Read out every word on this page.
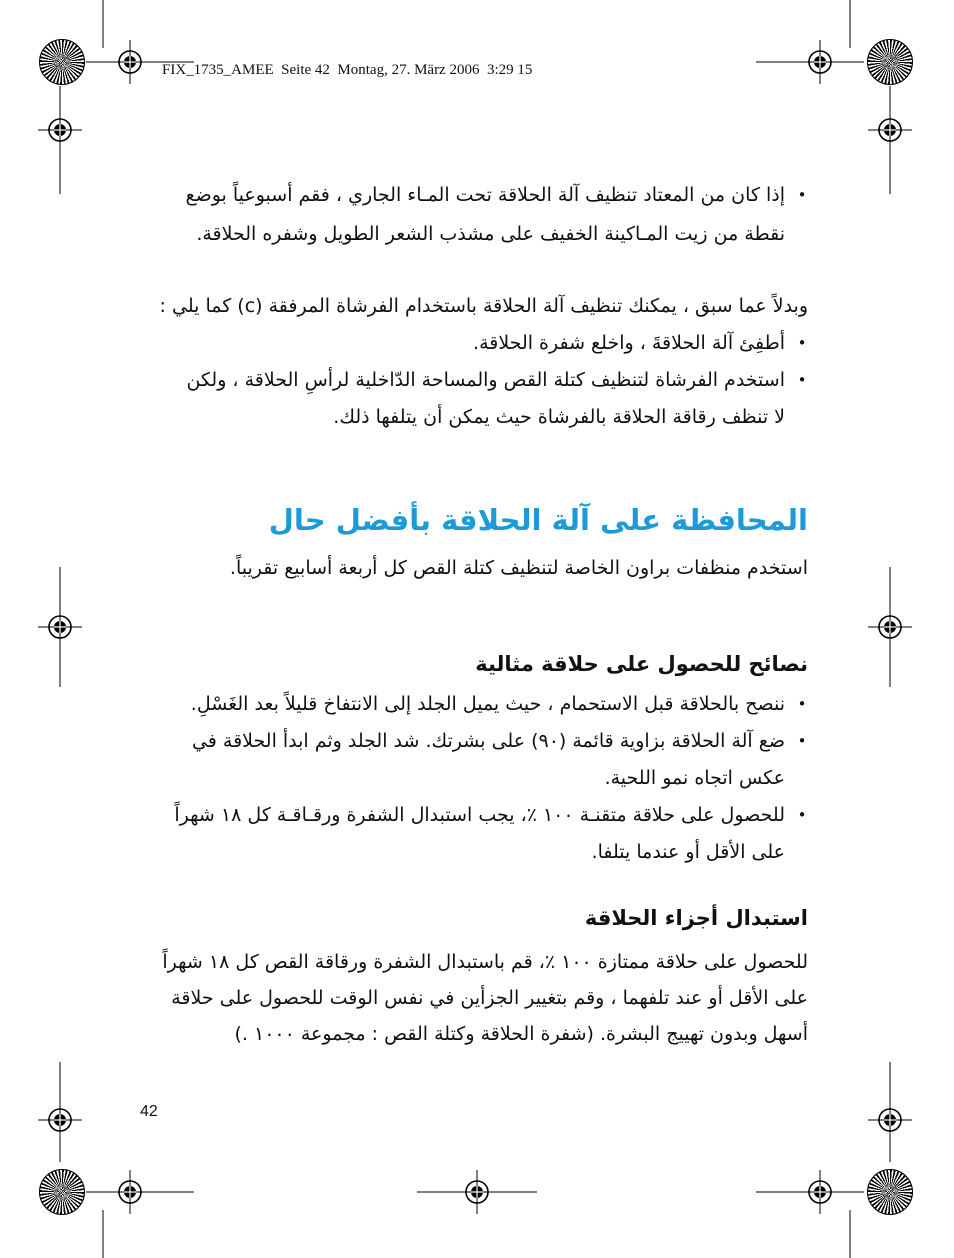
FIX_1735_AMEE  Seite 42  Montag, 27. März 2006  3:29 15
•
إذا كان من المعتاد تنظيف آلة الحلاقة تحت المـاء الجاري ، فقم أسبوعياً بوضع
نقطة من زيت المـاكينة الخفيف على مشذب الشعر الطويل وشفره الحلاقة.
وبدلاً عما سبق ، يمكنك تنظيف آلة الحلاقة باستخدام الفرشاة المرفقة (c) كما يلي :
•
أطفِئ آلة الحلاقةَ ، واخلع شفرة الحلاقة.
•
استخدم الفرشاة لتنظيف كتلة القص والمساحة الدّاخلية لرأسِ الحلاقة ، ولكن
لا تنظف رقاقة الحلاقة بالفرشاة حيث يمكن أن يتلفها ذلك.
المحافظة على آلة الحلاقة بأفضل حال
استخدم منظفات براون الخاصة لتنظيف كتلة القص كل أربعة أسابيع تقريباً.
نصائح للحصول على حلاقة مثالية
•
ننصح بالحلاقة قبل الاستحمام ، حيث يميل الجلد إلى الانتفاخ قليلاً بعد الغَسْلِ.
•
ضع آلة الحلاقة بزاوية قائمة (٩٠) على بشرتك. شد الجلد وثم ابدأ الحلاقة في
عكس اتجاه نمو اللحية.
•
للحصول على حلاقة متقنـة ١٠٠ ٪، يجب استبدال الشفرة ورقـاقـة كل ١٨ شهراً
على الأقل أو عندما يتلفا.
استبدال أجزاء الحلاقة
للحصول على حلاقة ممتازة ١٠٠ ٪، قم باستبدال الشفرة ورقاقة القص كل ١٨ شهراً
على الأقل أو عند تلفهما ، وقم بتغيير الجزأين في نفس الوقت للحصول على حلاقة
أسهل وبدون تهييج البشرة. (شفرة الحلاقة وكتلة القص : مجموعة ١٠٠٠ .)
42
